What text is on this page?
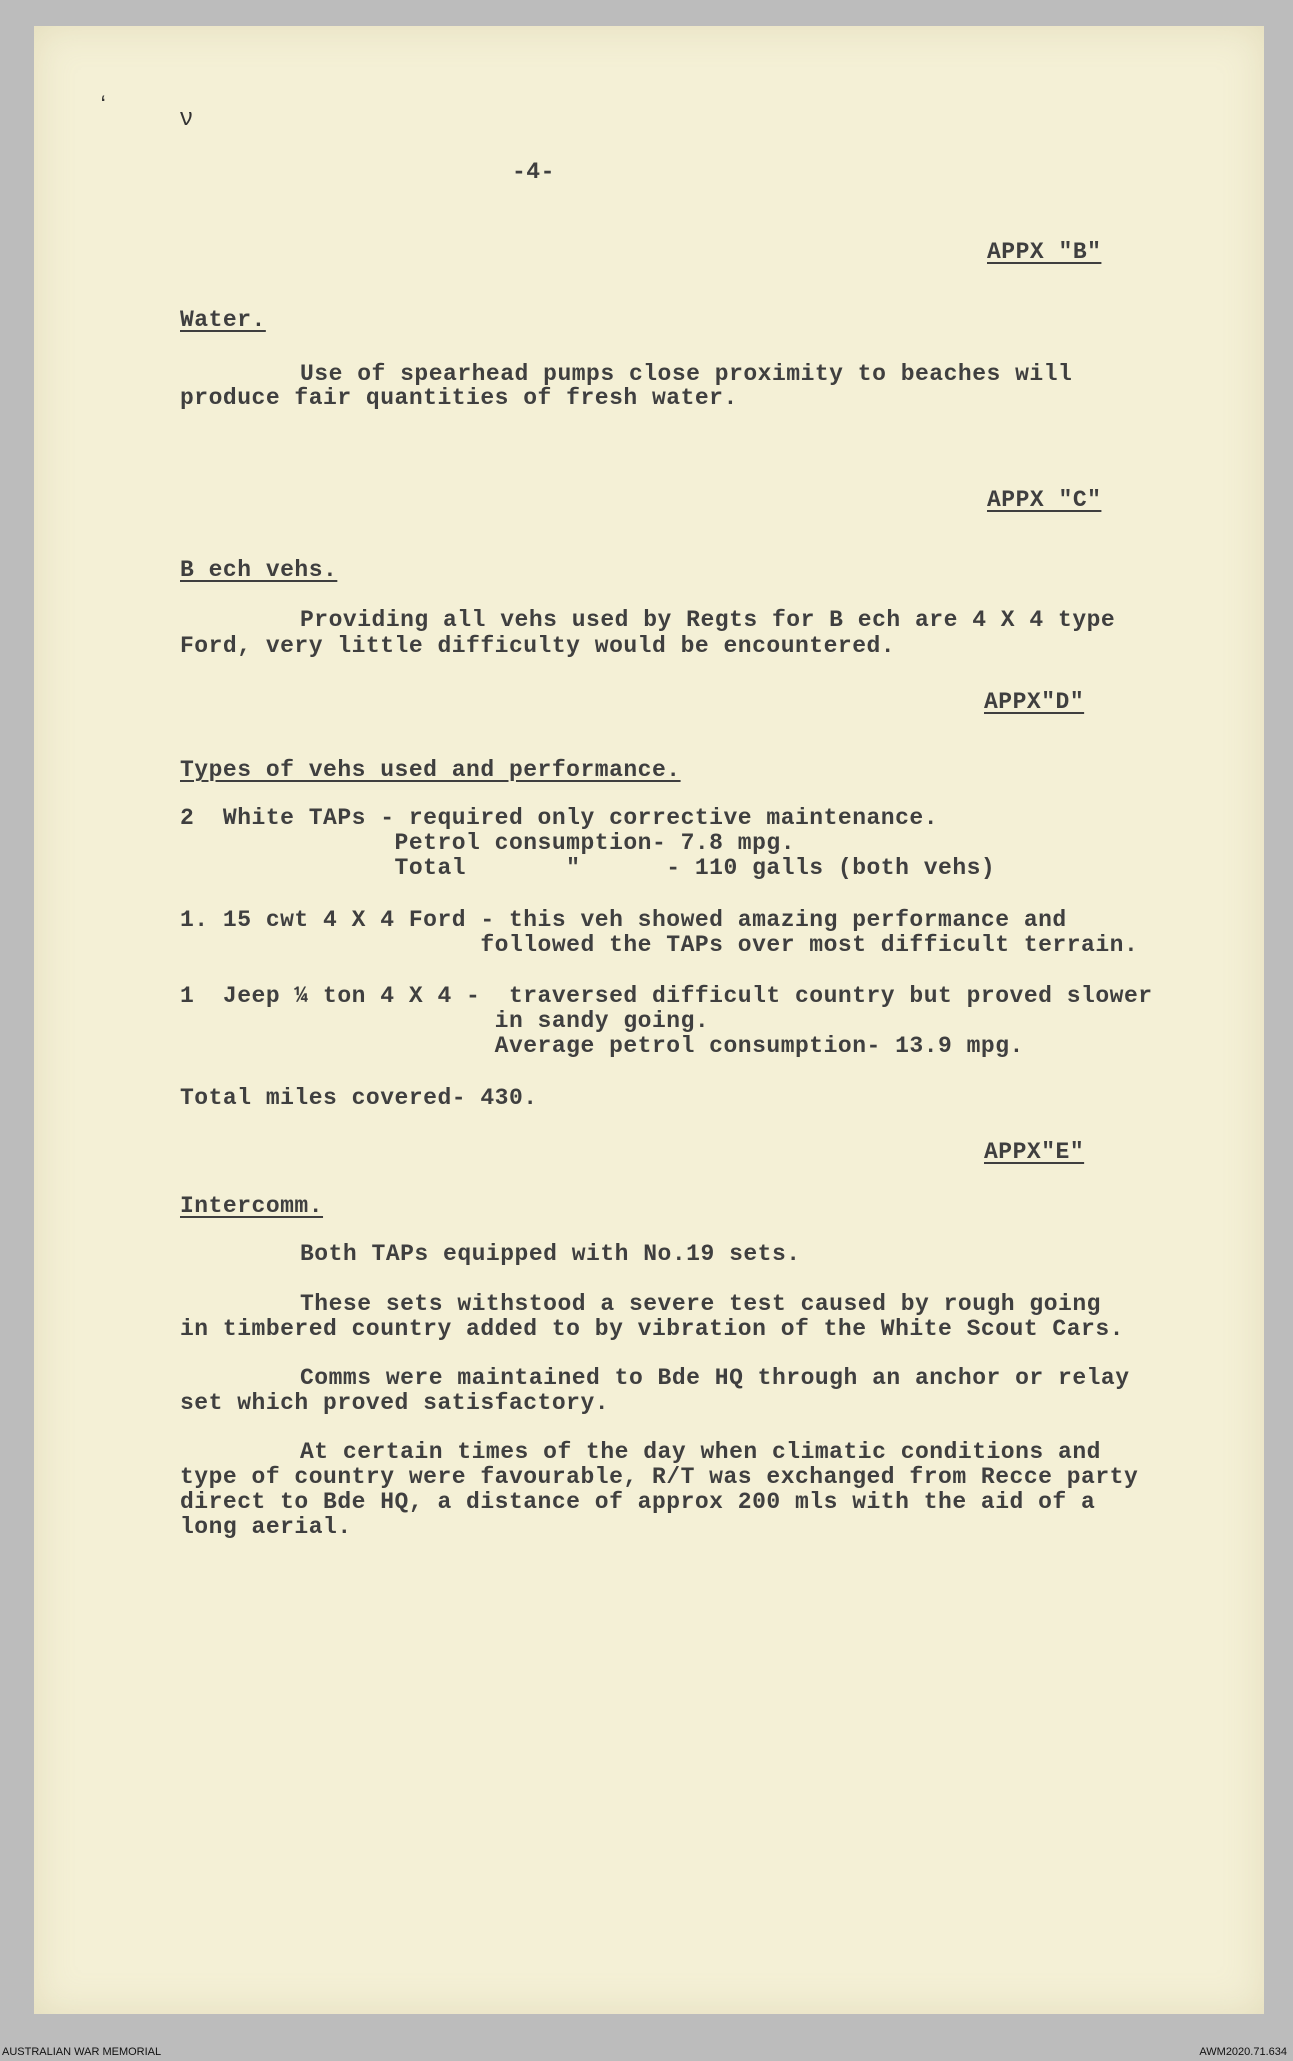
ʻ	ν
-4-
APPX "B"
Water.
Use of spearhead pumps close proximity to beaches will
produce fair quantities of fresh water.
APPX "C"
B ech vehs.
Providing all vehs used by Regts for B ech are 4 X 4 type
Ford, very little difficulty would be encountered.
APPX"D"
Types of vehs used and performance.
2  White TAPs - required only corrective maintenance.
Petrol consumption- 7.8 mpg.
Total       "      - 110 galls (both vehs)
1. 15 cwt 4 X 4 Ford - this veh showed amazing performance and
followed the TAPs over most difficult terrain.
1  Jeep ¼ ton 4 X 4 -  traversed difficult country but proved slower
in sandy going.
Average petrol consumption- 13.9 mpg.
Total miles covered- 430.
APPX"E"
Intercomm.
Both TAPs equipped with No.19 sets.
These sets withstood a severe test caused by rough going
in timbered country added to by vibration of the White Scout Cars.
Comms were maintained to Bde HQ through an anchor or relay
set which proved satisfactory.
At certain times of the day when climatic conditions and
type of country were favourable, R/T was exchanged from Recce party
direct to Bde HQ, a distance of approx 200 mls with the aid of a
long aerial.
AUSTRALIAN WAR MEMORIAL	AWM2020.71.634
